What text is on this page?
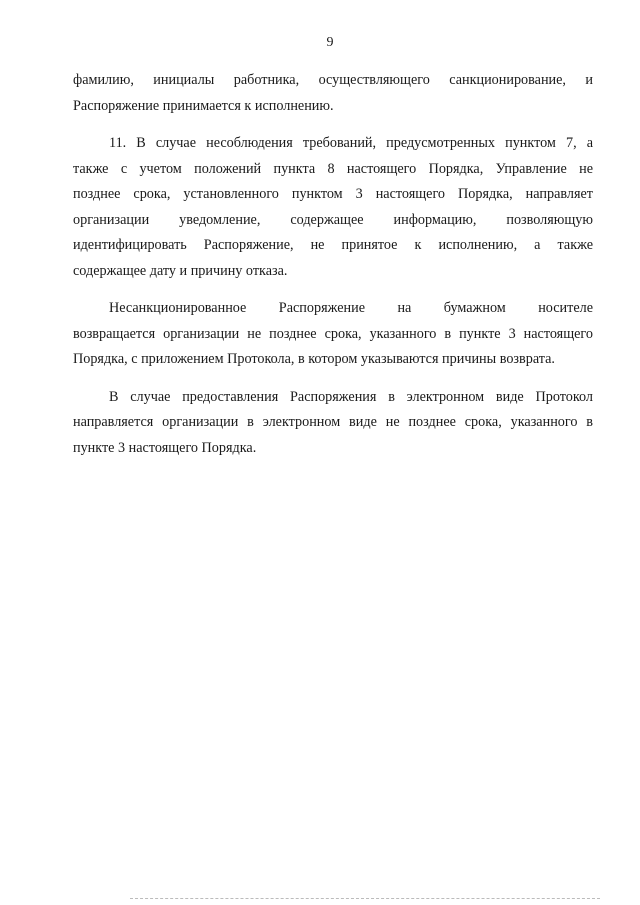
9
фамилию, инициалы работника, осуществляющего санкционирование, и
Распоряжение принимается к исполнению.
11. В случае несоблюдения требований, предусмотренных пунктом 7, а
также с учетом положений пункта 8 настоящего Порядка, Управление не
позднее срока, установленного пунктом 3 настоящего Порядка, направляет
организации уведомление, содержащее информацию, позволяющую
идентифицировать Распоряжение, не принятое к исполнению, а также
содержащее дату и причину отказа.
Несанкционированное Распоряжение на бумажном носителе
возвращается организации не позднее срока, указанного в пункте 3 настоящего
Порядка, с приложением Протокола, в котором указываются причины возврата.
В случае предоставления Распоряжения в электронном виде Протокол
направляется организации в электронном виде не позднее срока, указанного в
пункте 3 настоящего Порядка.
